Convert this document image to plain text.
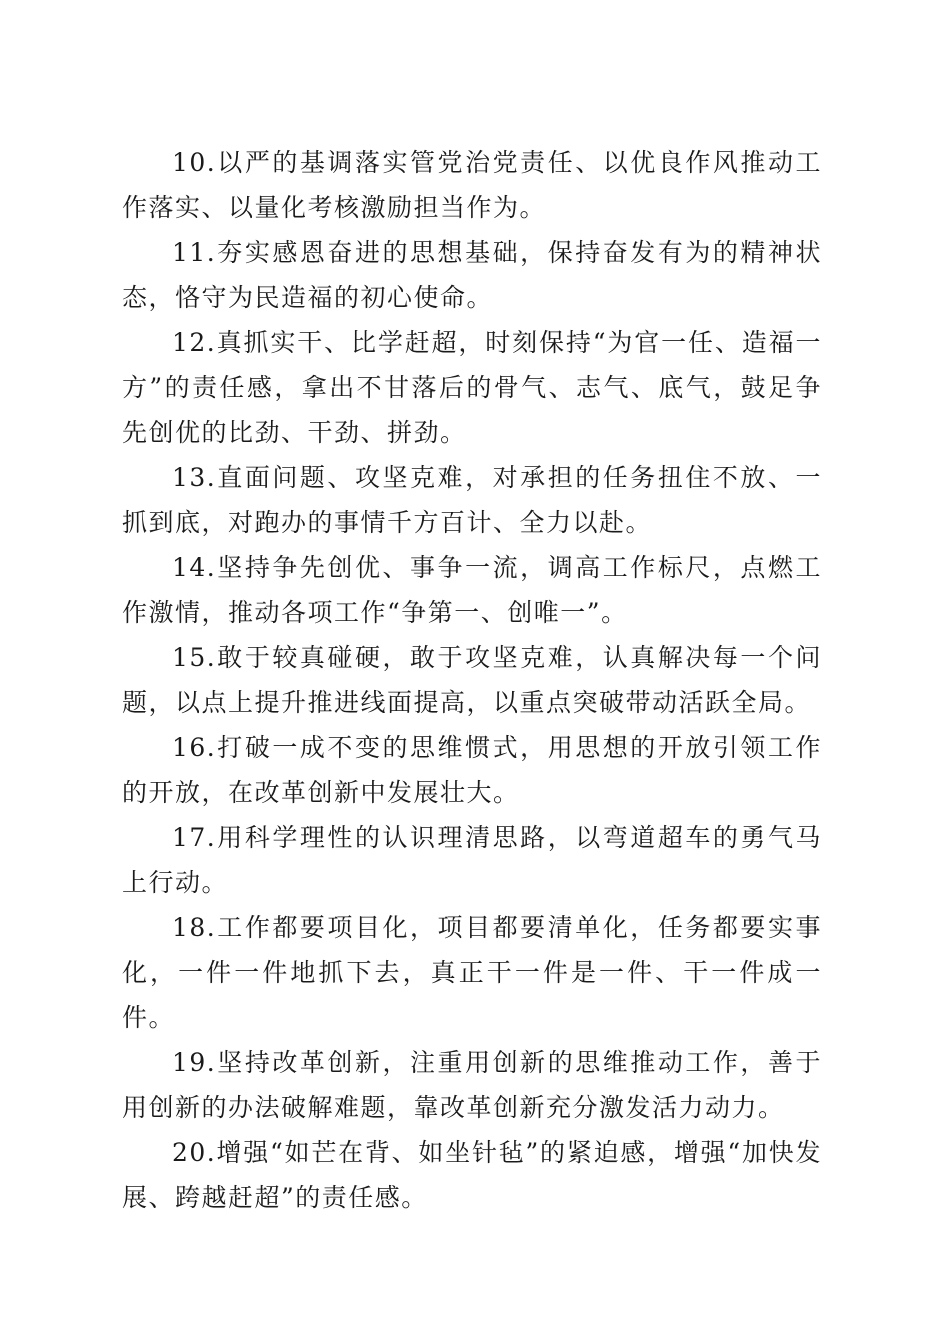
10.以严的基调落实管党治党责任、以优良作风推动工作落实、以量化考核激励担当作为。

11.夯实感恩奋进的思想基础，保持奋发有为的精神状态，恪守为民造福的初心使命。

12.真抓实干、比学赶超，时刻保持“为官一任、造福一方”的责任感，拿出不甘落后的骨气、志气、底气，鼓足争先创优的比劲、干劲、拼劲。

13.直面问题、攻坚克难，对承担的任务扭住不放、一抓到底，对跑办的事情千方百计、全力以赴。

14.坚持争先创优、事争一流，调高工作标尺，点燃工作激情，推动各项工作“争第一、创唯一”。

15.敢于较真碰硬，敢于攻坚克难，认真解决每一个问题，以点上提升推进线面提高，以重点突破带动活跃全局。

16.打破一成不变的思维惯式，用思想的开放引领工作的开放，在改革创新中发展壮大。

17.用科学理性的认识理清思路，以弯道超车的勇气马上行动。

18.工作都要项目化，项目都要清单化，任务都要实事化，一件一件地抓下去，真正干一件是一件、干一件成一件。

19.坚持改革创新，注重用创新的思维推动工作，善于用创新的办法破解难题，靠改革创新充分激发活力动力。

20.增强“如芒在背、如坐针毡”的紧迫感，增强“加快发展、跨越赶超”的责任感。
